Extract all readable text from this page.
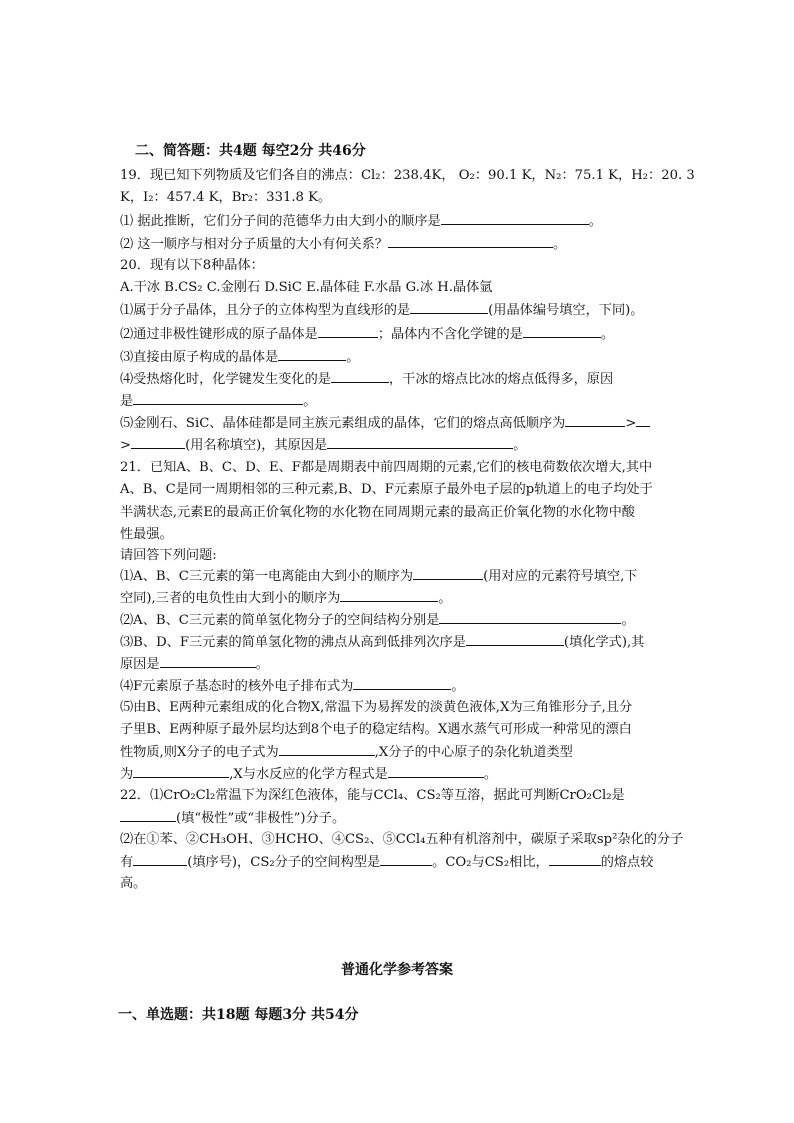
二、简答题：共4题 每空2分 共46分
19．现已知下列物质及它们各自的沸点：Cl₂：238.4K， O₂：90.1 K，N₂：75.1 K，H₂：20. 3
K，I₂：457.4 K，Br₂：331.8 K。
⑴ 据此推断，它们分子间的范德华力由大到小的顺序是	。
⑵ 这一顺序与相对分子质量的大小有何关系？	。
20．现有以下8种晶体：
A.干冰 B.CS₂ C.金刚石 D.SiC E.晶体硅 F.水晶 G.冰 H.晶体氩
⑴属于分子晶体，且分子的立体构型为直线形的是	(用晶体编号填空，下同)。
⑵通过非极性键形成的原子晶体是	；晶体内不含化学键的是	。
⑶直接由原子构成的晶体是	。
⑷受热熔化时，化学键发生变化的是	，干冰的熔点比冰的熔点低得多，原因
是	。
⑸金刚石、SiC、晶体硅都是同主族元素组成的晶体，它们的熔点高低顺序为	>
>	(用名称填空)，其原因是	。
21．已知A、B、C、D、E、F都是周期表中前四周期的元素,它们的核电荷数依次增大,其中
A、B、C是同一周期相邻的三种元素,B、D、F元素原子最外电子层的p轨道上的电子均处于
半满状态,元素E的最高正价氧化物的水化物在同周期元素的最高正价氧化物的水化物中酸
性最强。
请回答下列问题:
⑴A、B、C三元素的第一电离能由大到小的顺序为	(用对应的元素符号填空,下
空同),三者的电负性由大到小的顺序为	。
⑵A、B、C三元素的简单氢化物分子的空间结构分别是	。
⑶B、D、F三元素的简单氢化物的沸点从高到低排列次序是	(填化学式),其
原因是	。
⑷F元素原子基态时的核外电子排布式为	。
⑸由B、E两种元素组成的化合物X,常温下为易挥发的淡黄色液体,X为三角锥形分子,且分
子里B、E两种原子最外层均达到8个电子的稳定结构。X遇水蒸气可形成一种常见的漂白
性物质,则X分子的电子式为	,X分子的中心原子的杂化轨道类型
为	,X与水反应的化学方程式是	。
22．⑴CrO₂Cl₂常温下为深红色液体，能与CCl₄、CS₂等互溶，据此可判断CrO₂Cl₂是
(填“极性”或“非极性”)分子。
⑵在①苯、②CH₃OH、③HCHO、④CS₂、⑤CCl₄五种有机溶剂中，碳原子采取sp²杂化的分子
有	(填序号)，CS₂分子的空间构型是	。CO₂与CS₂相比，	的熔点较
高。
普通化学参考答案
一、单选题：共18题 每题3分 共54分
